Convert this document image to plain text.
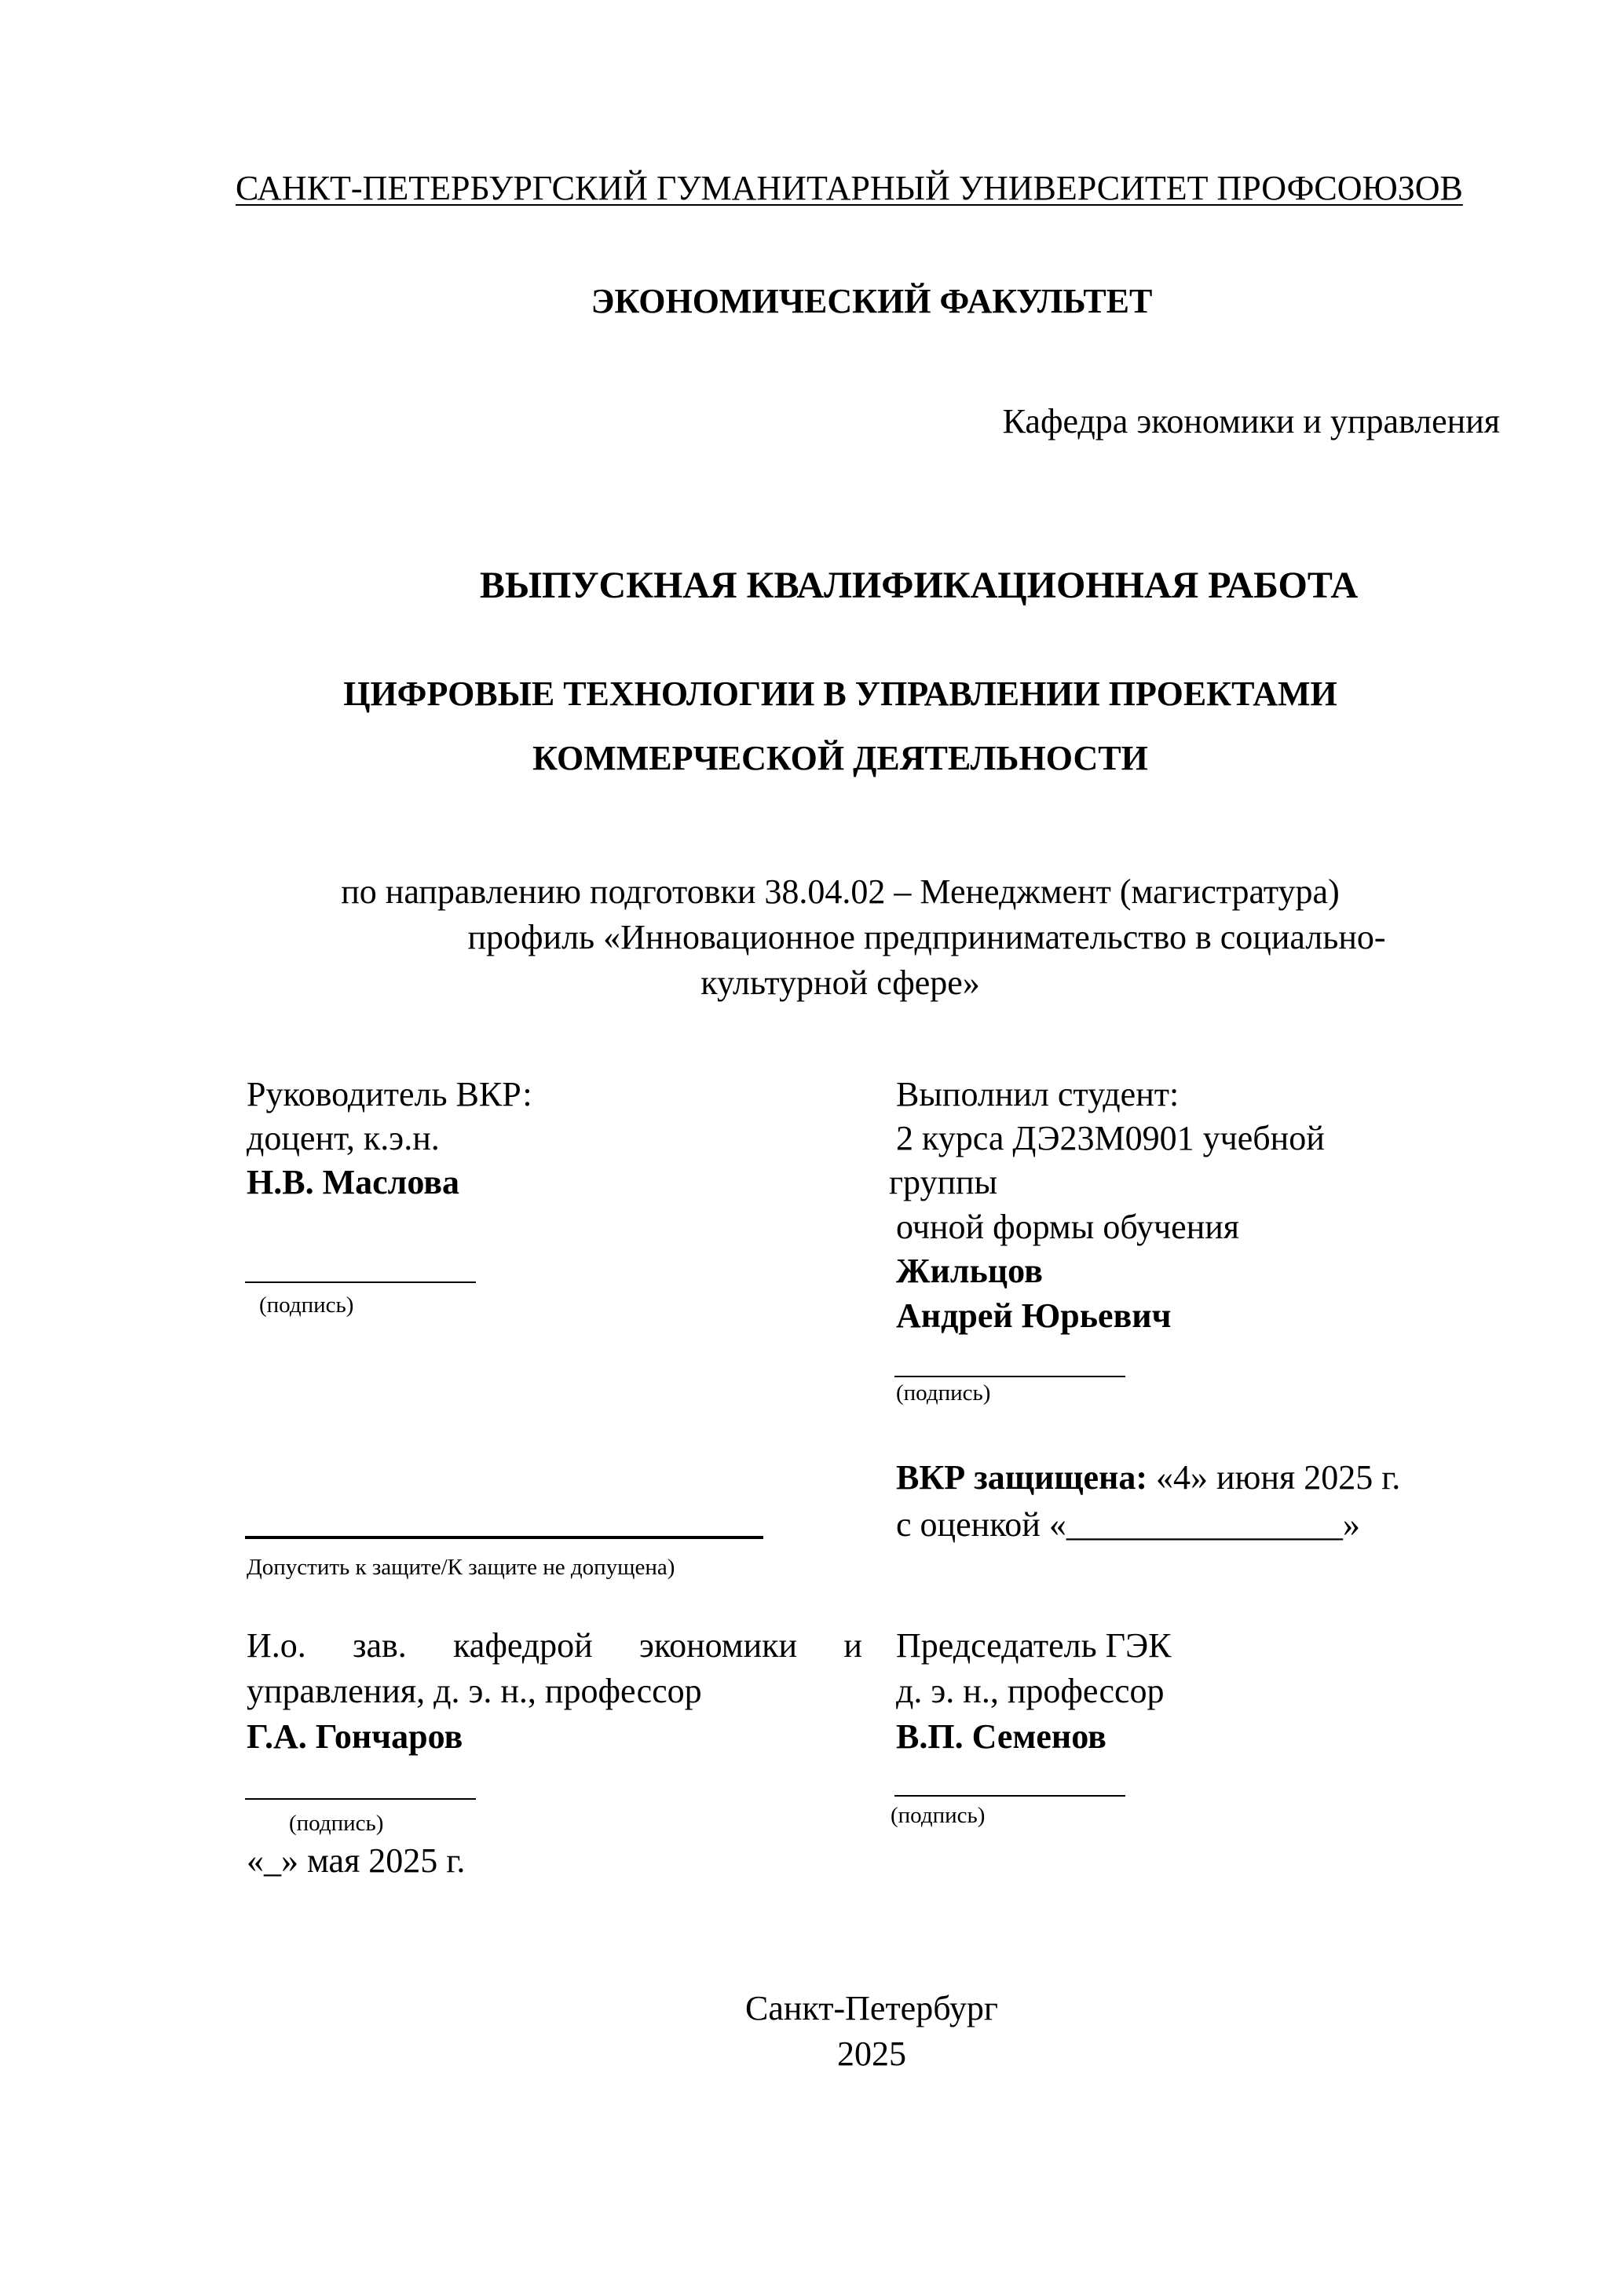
САНКТ-ПЕТЕРБУРГСКИЙ ГУМАНИТАРНЫЙ УНИВЕРСИТЕТ ПРОФСОЮЗОВ
ЭКОНОМИЧЕСКИЙ ФАКУЛЬТЕТ
Кафедра экономики и управления
ВЫПУСКНАЯ КВАЛИФИКАЦИОННАЯ РАБОТА
ЦИФРОВЫЕ ТЕХНОЛОГИИ В УПРАВЛЕНИИ ПРОЕКТАМИ
КОММЕРЧЕСКОЙ ДЕЯТЕЛЬНОСТИ
по направлению подготовки 38.04.02 – Менеджмент (магистратура)
профиль «Инновационное предпринимательство в социально-
культурной сфере»
Руководитель ВКР:
доцент, к.э.н.
Н.В. Маслова
(подпись)
Выполнил студент:
2 курса ДЭ23М0901 учебной
группы
очной формы обучения
Жильцов
Андрей Юрьевич
(подпись)
Допустить к защите/К защите не допущена)
ВКР защищена: «4» июня 2025 г.
с оценкой «________________»
И.о. зав. кафедрой экономики и
управления, д. э. н., профессор
Г.А. Гончаров
(подпись)
«_» мая 2025 г.
Председатель ГЭК
д. э. н., профессор
В.П. Семенов
(подпись)
Санкт-Петербург
2025
